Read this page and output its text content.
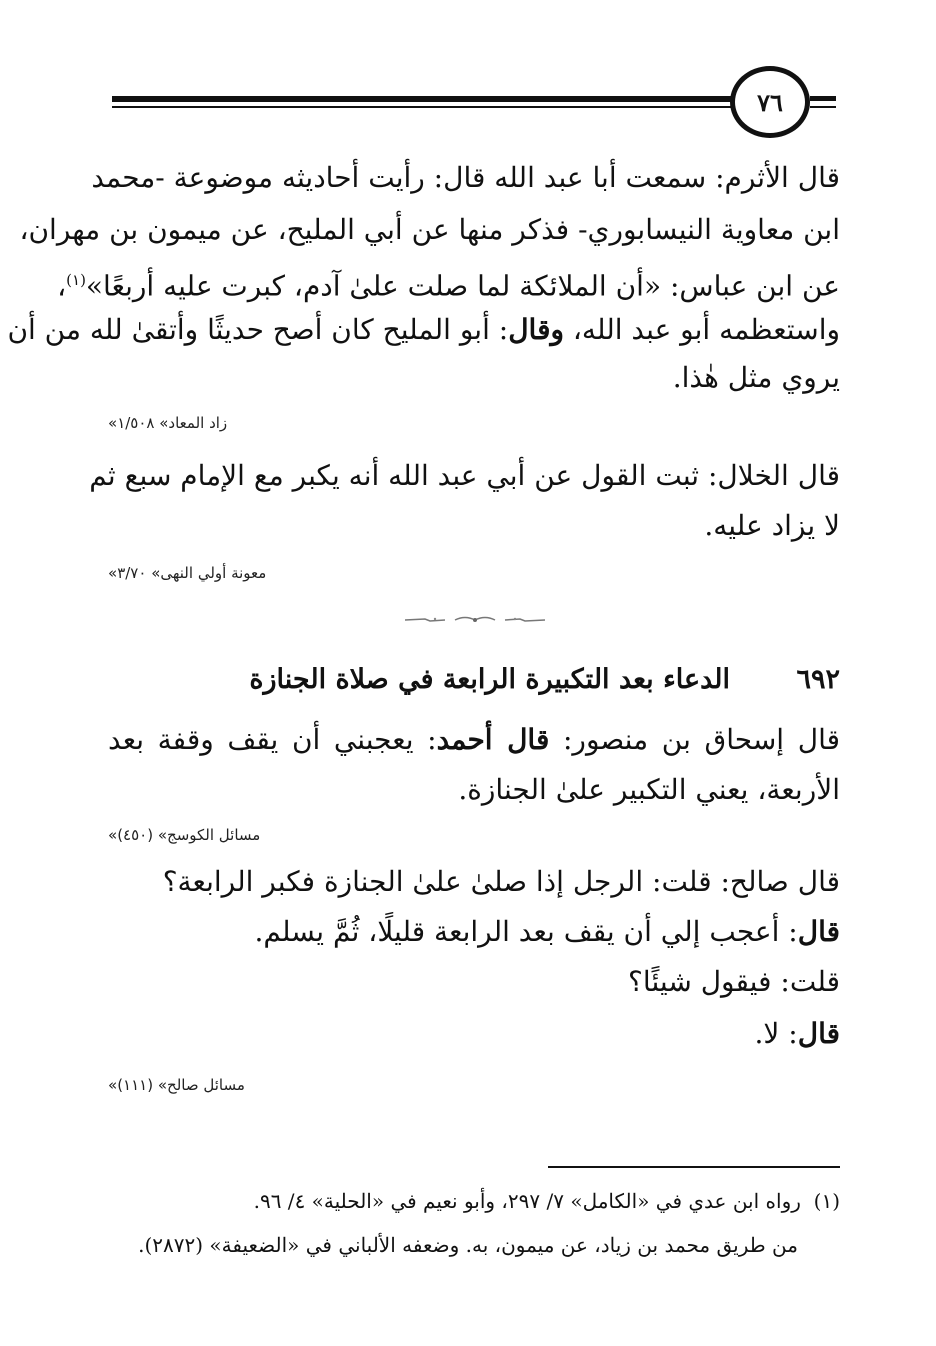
٧٦
قال الأثرم: سمعت أبا عبد الله قال: رأيت أحاديثه موضوعة -محمد
ابن معاوية النيسابوري- فذكر منها عن أبي المليح، عن ميمون بن مهران،
عن ابن عباس: «أن الملائكة لما صلت علىٰ آدم، كبرت عليه أربعًا»$^{(١)}$،
واستعظمه أبو عبد الله، وقال: أبو المليح كان أصح حديثًا وأتقىٰ لله من أن
يروي مثل هٰذا.
«زاد المعاد» ١/٥٠٨
قال الخلال: ثبت القول عن أبي عبد الله أنه يكبر مع الإمام سبع ثم
لا يزاد عليه.
«معونة أولي النهى» ٣/٧٠
٦٩٢
الدعاء بعد التكبيرة الرابعة في صلاة الجنازة
قال إسحاق بن منصور: قال أحمد: يعجبني أن يقف وقفة بعد
الأربعة، يعني التكبير علىٰ الجنازة.
«مسائل الكوسج» (٤٥٠)
قال صالح: قلت: الرجل إذا صلىٰ علىٰ الجنازة فكبر الرابعة؟
قال: أعجب إلي أن يقف بعد الرابعة قليلًا، ثُمَّ يسلم.
قلت: فيقول شيئًا؟
قال: لا.
«مسائل صالح» (١١١)
(١)  رواه ابن عدي في «الكامل» ٧/ ٢٩٧، وأبو نعيم في «الحلية» ٤/ ٩٦.
من طريق محمد بن زياد، عن ميمون، به. وضعفه الألباني في «الضعيفة» (٢٨٧٢).
